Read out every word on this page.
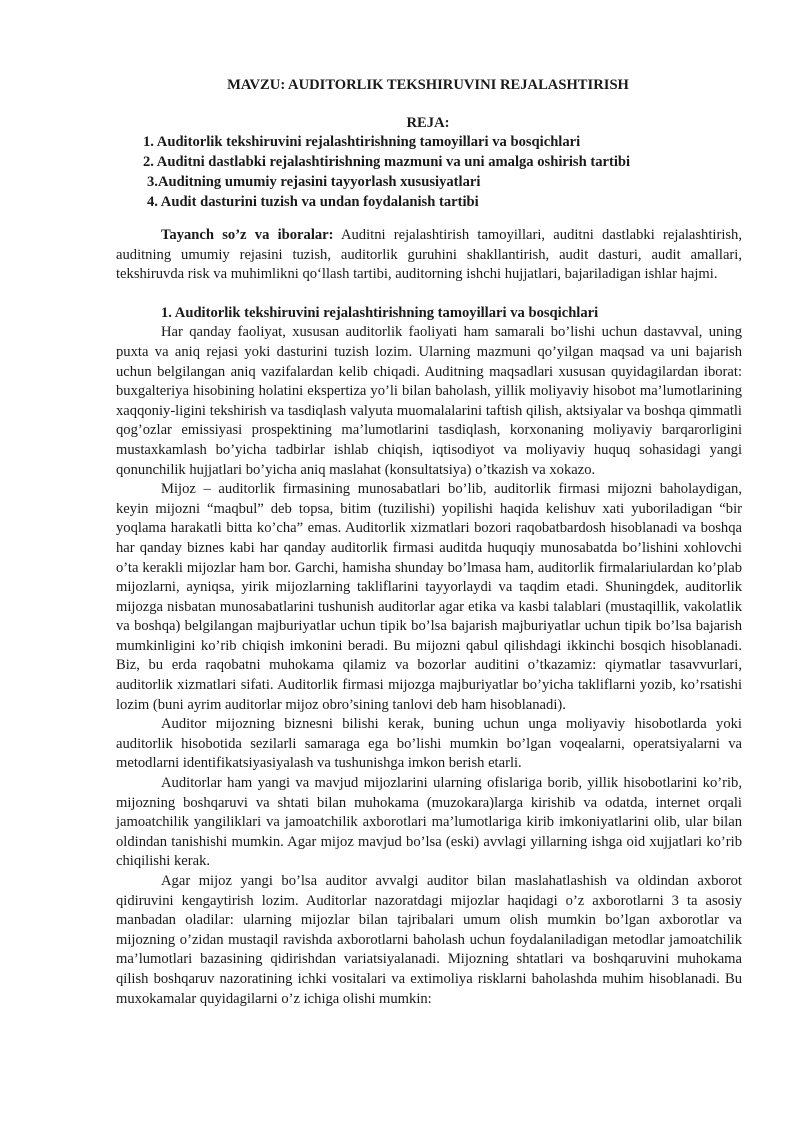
MAVZU: AUDITORLIK TEKSHIRUVINI REJALASHTIRISH
REJA:
1. Auditorlik tekshiruvini rejalashtirishning tamoyillari va bosqichlari
2. Auditni dastlabki rejalashtirishning mazmuni va uni amalga oshirish tartibi
3.Auditning umumiy rejasini tayyorlash xususiyatlari
4. Audit dasturini tuzish va undan foydalanish tartibi

Tayanch so’z va iboralar: Auditni rejalashtirish tamoyillari, auditni dastlabki rejalashtirish, auditning umumiy rejasini tuzish, auditorlik guruhini shakllantirish, audit dasturi, audit amallari, tekshiruvda risk va muhimlikni qo‘llash tartibi, auditorning ishchi hujjatlari, bajariladigan ishlar hajmi.

1. Auditorlik tekshiruvini rejalashtirishning tamoyillari va bosqichlari

Har qanday faoliyat, xususan auditorlik faoliyati ham samarali bo’lishi uchun dastavval, uning puxta va aniq rejasi yoki dasturini tuzish lozim. Ularning mazmuni qo’yilgan maqsad va uni bajarish uchun belgilangan aniq vazifalardan kelib chiqadi. Auditning maqsadlari xususan quyidagilardan iborat: buxgalteriya hisobining holatini ekspertiza yo’li bilan baholash, yillik moliyaviy hisobot ma’lumotlarining xaqqoniy-ligini tekshirish va tasdiqlash valyuta muomalalarini taftish qilish, aktsiyalar va boshqa qimmatli qog’ozlar emissiyasi prospektining ma’lumotlarini tasdiqlash, korxonaning moliyaviy barqarorligini mustaxkamlash bo’yicha tadbirlar ishlab chiqish, iqtisodiyot va moliyaviy huquq sohasidagi yangi qonunchilik hujjatlari bo’yicha aniq maslahat (konsultatsiya) o’tkazish va xokazo.

Mijoz – auditorlik firmasining munosabatlari bo’lib, auditorlik firmasi mijozni baholaydigan, keyin mijozni “maqbul” deb topsa, bitim (tuzilishi) yopilishi haqida kelishuv xati yuboriladigan “bir yoqlama harakatli bitta ko’cha” emas. Auditorlik xizmatlari bozori raqobatbardosh hisoblanadi va boshqa har qanday biznes kabi har qanday auditorlik firmasi auditda huquqiy munosabatda bo’lishini xohlovchi o’ta kerakli mijozlar ham bor. Garchi, hamisha shunday bo’lmasa ham, auditorlik firmalariulardan ko’plab mijozlarni, ayniqsa, yirik mijozlarning takliflarini tayyorlaydi va taqdim etadi. Shuningdek, auditorlik mijozga nisbatan munosabatlarini tushunish auditorlar agar etika va kasbi talablari (mustaqillik, vakolatlik va boshqa) belgilangan majburiyatlar uchun tipik bo’lsa bajarish majburiyatlar uchun tipik bo’lsa bajarish mumkinligini ko’rib chiqish imkonini beradi. Bu mijozni qabul qilishdagi ikkinchi bosqich hisoblanadi. Biz, bu erda raqobatni muhokama qilamiz va bozorlar auditini o’tkazamiz: qiymatlar tasavvurlari, auditorlik xizmatlari sifati. Auditorlik firmasi mijozga majburiyatlar bo’yicha takliflarni yozib, ko’rsatishi lozim (buni ayrim auditorlar mijoz obro’sining tanlovi deb ham hisoblanadi).

Auditor mijozning biznesni bilishi kerak, buning uchun unga moliyaviy hisobotlarda yoki auditorlik hisobotida sezilarli samaraga ega bo’lishi mumkin bo’lgan voqealarni, operatsiyalarni va metodlarni identifikatsiyasiyalash va tushunishga imkon berish etarli.

Auditorlar ham yangi va mavjud mijozlarini ularning ofislariga borib, yillik hisobotlarini ko’rib, mijozning boshqaruvi va shtati bilan muhokama (muzokara)larga kirishib va odatda, internet orqali jamoatchilik yangiliklari va jamoatchilik axborotlari ma’lumotlariga kirib imkoniyatlarini olib, ular bilan oldindan tanishishi mumkin. Agar mijoz mavjud bo’lsa (eski) avvlagi yillarning ishga oid xujjatlari ko’rib chiqilishi kerak.

Agar mijoz yangi bo’lsa auditor avvalgi auditor bilan maslahatlashish va oldindan axborot qidiruvini kengaytirish lozim. Auditorlar nazoratdagi mijozlar haqidagi o’z axborotlarni 3 ta asosiy manbadan oladilar: ularning mijozlar bilan tajribalari umum olish mumkin bo’lgan axborotlar va mijozning o’zidan mustaqil ravishda axborotlarni baholash uchun foydalaniladigan metodlar jamoatchilik ma’lumotlari bazasining qidirishdan variatsiyalanadi. Mijozning shtatlari va boshqaruvini muhokama qilish boshqaruv nazoratining ichki vositalari va extimoliya risklarni baholashda muhim hisoblanadi. Bu muxokamalar quyidagilarni o’z ichiga olishi mumkin:
